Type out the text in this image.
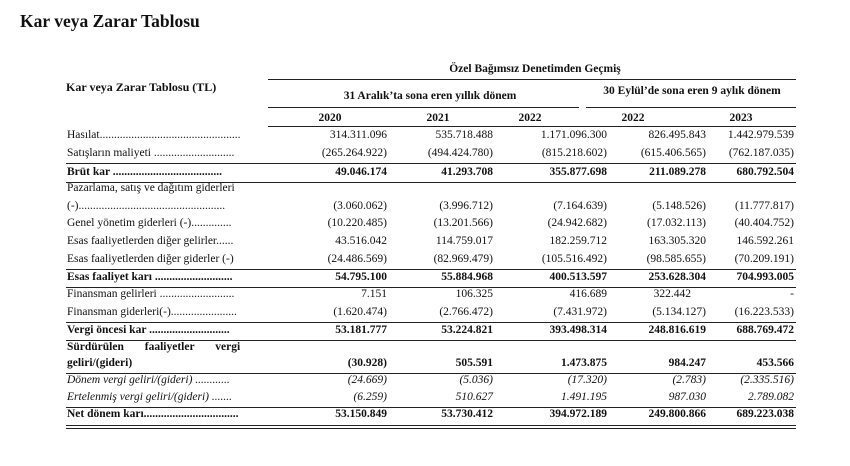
Kar veya Zarar Tablosu
Kar veya Zarar Tablosu (TL)
Özel Bağımsız Denetimden Geçmiş
31 Aralık’ta sona eren yıllık dönem	30 Eylül’de sona eren 9 aylık dönem
2020	2021	2022	2022	2023
Hasılat.................................................	314.311.096	535.718.488	1.171.096.300	826.495.843	1.442.979.539
Satışların maliyeti ............................	(265.264.922)	(494.424.780)	(815.218.602)	(615.406.565)	(762.187.035)
Brüt kar ......................................	49.046.174	41.293.708	355.877.698	211.089.278	680.792.504
Pazarlama, satış ve dağıtım giderleri
(-)...................................................	(3.060.062)	(3.996.712)	(7.164.639)	(5.148.526)	(11.777.817)
Genel yönetim giderleri (-)..............	(10.220.485)	(13.201.566)	(24.942.682)	(17.032.113)	(40.404.752)
Esas faaliyetlerden diğer gelirler......	43.516.042	114.759.017	182.259.712	163.305.320	146.592.261
Esas faaliyetlerden diğer giderler (-)	(24.486.569)	(82.969.479)	(105.516.492)	(98.585.655)	(70.209.191)
Esas faaliyet karı ...........................	54.795.100	55.884.968	400.513.597	253.628.304	704.993.005
Finansman gelirleri ..........................	7.151	106.325	416.689	322.442	-
Finansman giderleri(-).......................	(1.620.474)	(2.766.472)	(7.431.972)	(5.134.127)	(16.223.533)
Vergi öncesi kar ............................	53.181.777	53.224.821	393.498.314	248.816.619	688.769.472
Sürdürülen faaliyetler vergi
geliri/(gideri)	(30.928)	505.591	1.473.875	984.247	453.566
Dönem vergi geliri/(gideri) ............	(24.669)	(5.036)	(17.320)	(2.783)	(2.335.516)
Ertelenmiş vergi geliri/(gideri) .......	(6.259)	510.627	1.491.195	987.030	2.789.082
Net dönem karı.................................	53.150.849	53.730.412	394.972.189	249.800.866	689.223.038
